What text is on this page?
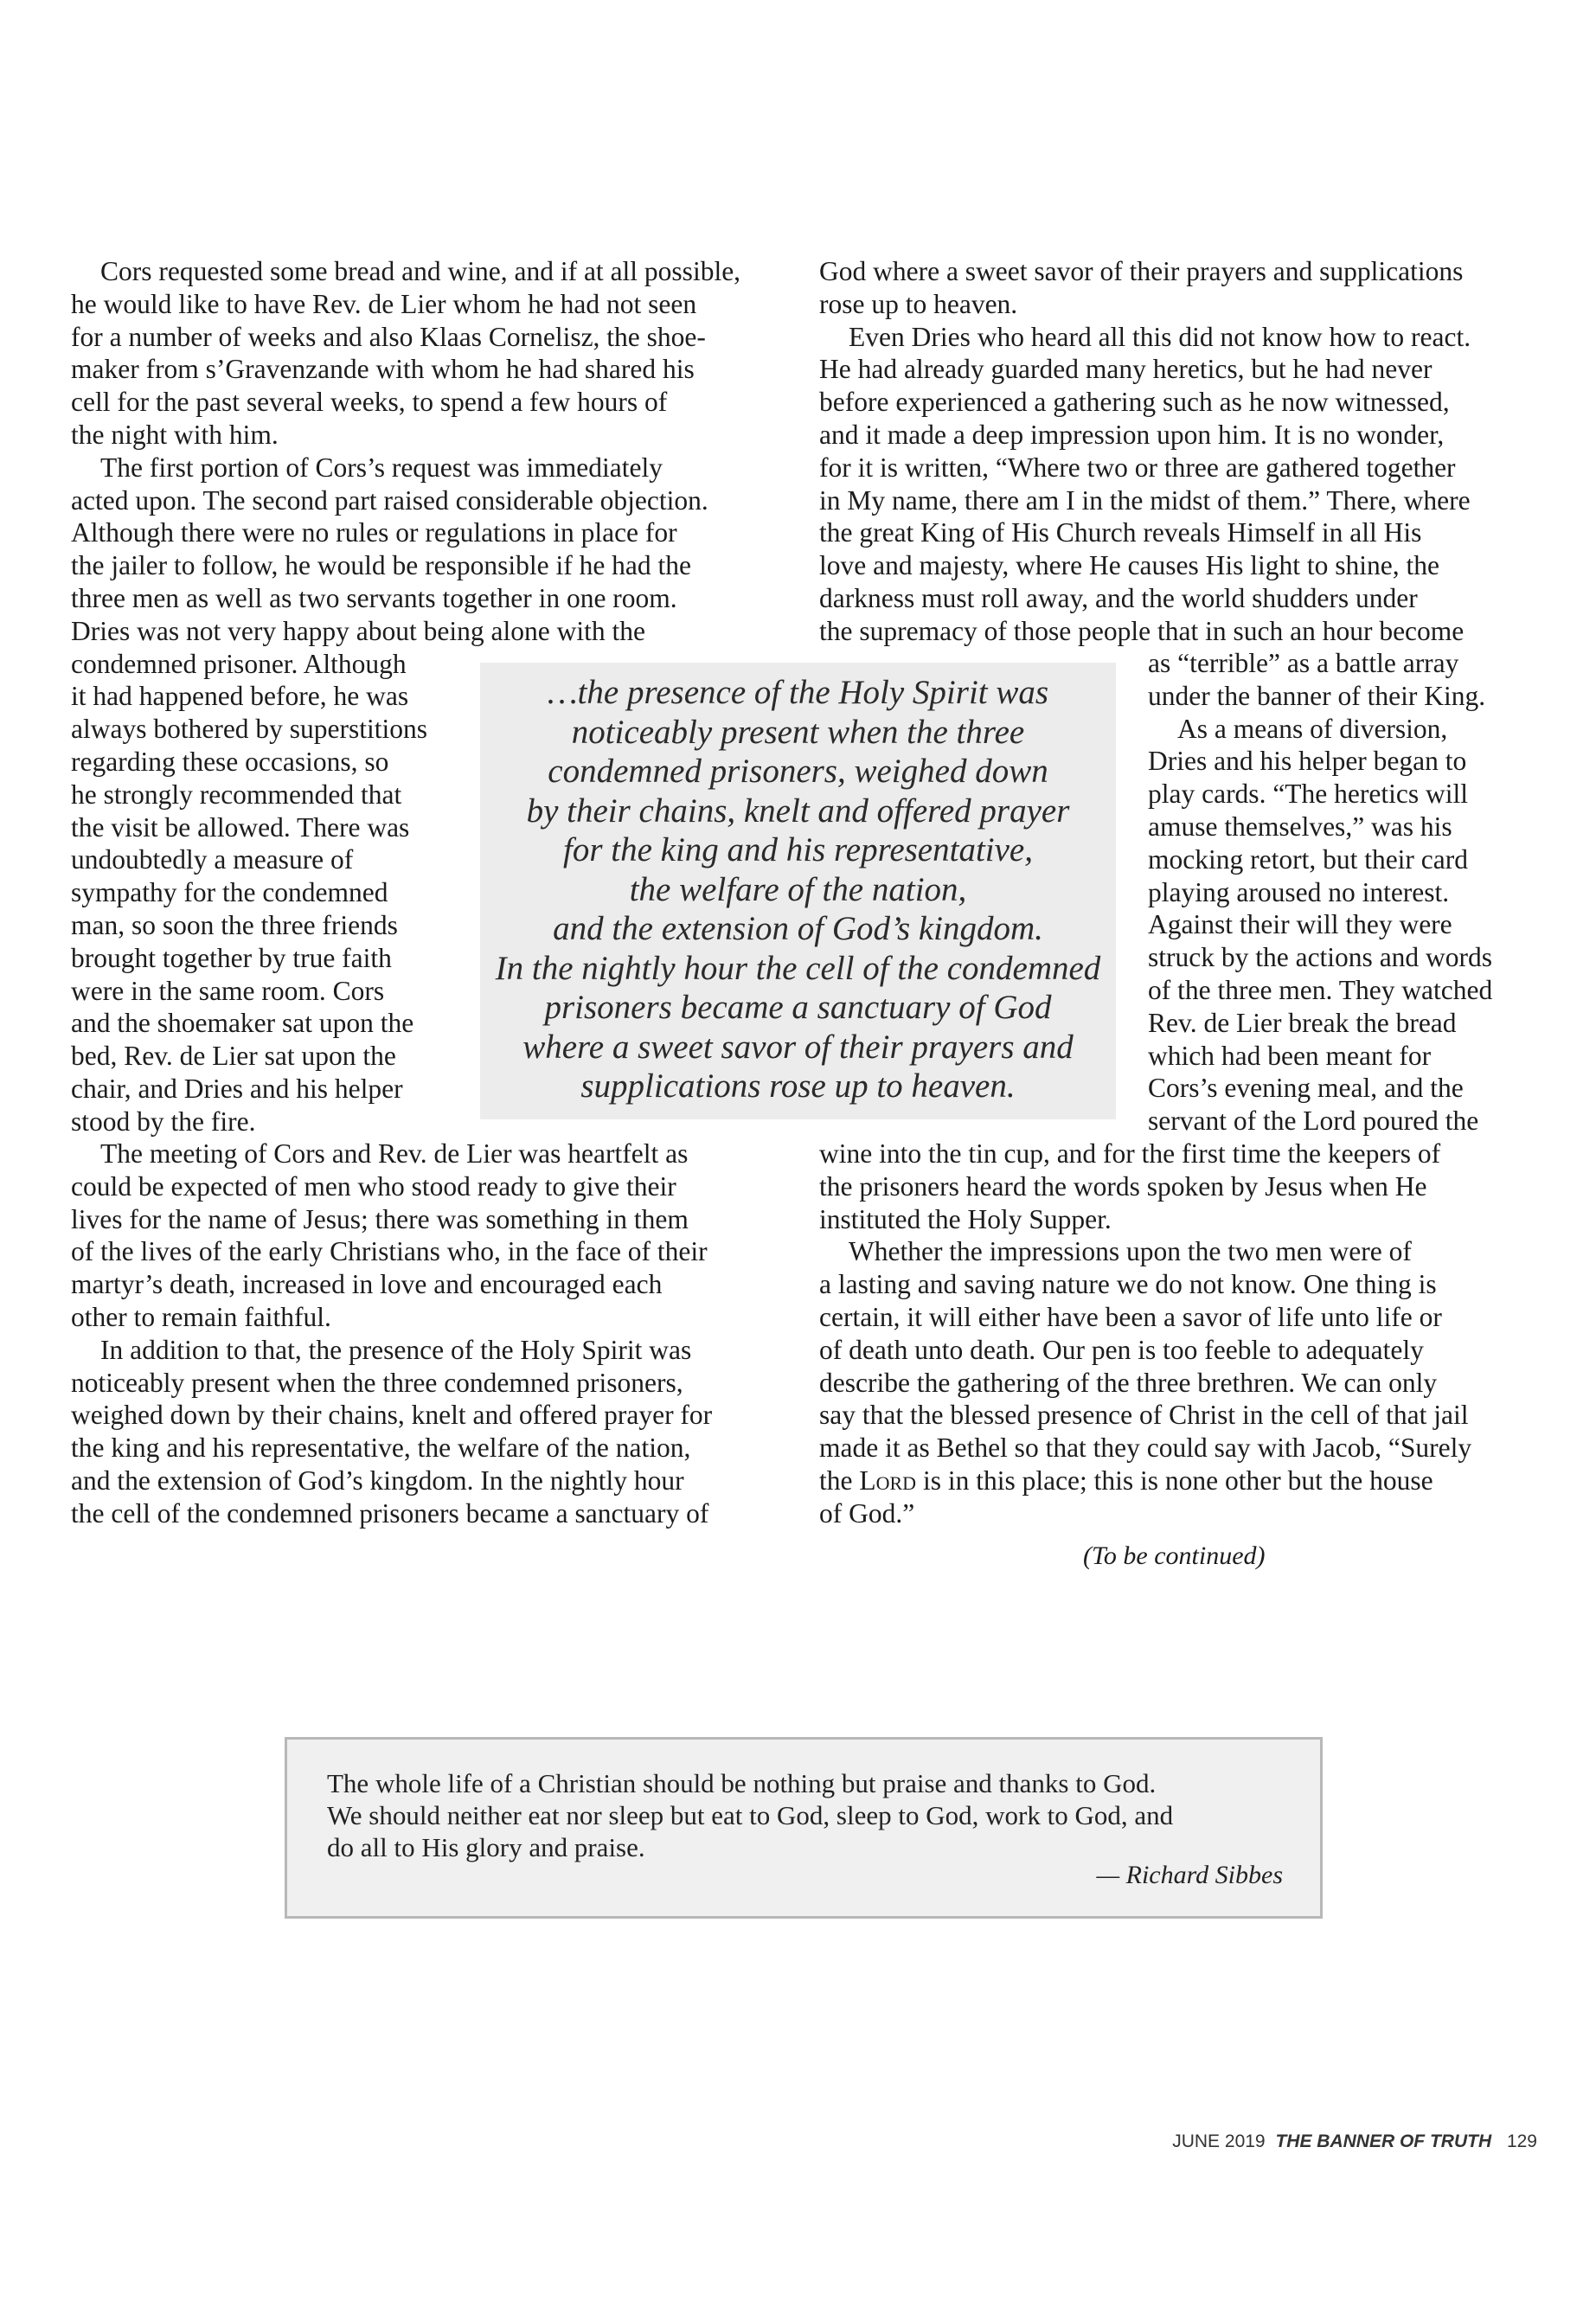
Cors requested some bread and wine, and if at all possible,
he would like to have Rev. de Lier whom he had not seen
for a number of weeks and also Klaas Cornelisz, the shoe-
maker from s’Gravenzande with whom he had shared his
cell for the past several weeks, to spend a few hours of
the night with him.
The first portion of Cors’s request was immediately
acted upon. The second part raised considerable objection.
Although there were no rules or regulations in place for
the jailer to follow, he would be responsible if he had the
three men as well as two servants together in one room.
Dries was not very happy about being alone with the
condemned prisoner. Although
it had happened before, he was
always bothered by superstitions
regarding these occasions, so
he strongly recommended that
the visit be allowed. There was
undoubtedly a measure of
sympathy for the condemned
man, so soon the three friends
brought together by true faith
were in the same room. Cors
and the shoemaker sat upon the
bed, Rev. de Lier sat upon the
chair, and Dries and his helper
stood by the fire.
The meeting of Cors and Rev. de Lier was heartfelt as
could be expected of men who stood ready to give their
lives for the name of Jesus; there was something in them
of the lives of the early Christians who, in the face of their
martyr’s death, increased in love and encouraged each
other to remain faithful.
In addition to that, the presence of the Holy Spirit was
noticeably present when the three condemned prisoners,
weighed down by their chains, knelt and offered prayer for
the king and his representative, the welfare of the nation,
and the extension of God’s kingdom. In the nightly hour
the cell of the condemned prisoners became a sanctuary of
God where a sweet savor of their prayers and supplications
rose up to heaven.
Even Dries who heard all this did not know how to react.
He had already guarded many heretics, but he had never
before experienced a gathering such as he now witnessed,
and it made a deep impression upon him. It is no wonder,
for it is written, “Where two or three are gathered together
in My name, there am I in the midst of them.” There, where
the great King of His Church reveals Himself in all His
love and majesty, where He causes His light to shine, the
darkness must roll away, and the world shudders under
the supremacy of those people that in such an hour become
as “terrible” as a battle array
under the banner of their King.
As a means of diversion,
Dries and his helper began to
play cards. “The heretics will
amuse themselves,” was his
mocking retort, but their card
playing aroused no interest.
Against their will they were
struck by the actions and words
of the three men. They watched
Rev. de Lier break the bread
which had been meant for
Cors’s evening meal, and the
servant of the Lord poured the
wine into the tin cup, and for the first time the keepers of
the prisoners heard the words spoken by Jesus when He
instituted the Holy Supper.
Whether the impressions upon the two men were of
a lasting and saving nature we do not know. One thing is
certain, it will either have been a savor of life unto life or
of death unto death. Our pen is too feeble to adequately
describe the gathering of the three brethren. We can only
say that the blessed presence of Christ in the cell of that jail
made it as Bethel so that they could say with Jacob, “Surely
the Lord is in this place; this is none other but the house
of God.”
…the presence of the Holy Spirit was
noticeably present when the three
condemned prisoners, weighed down
by their chains, knelt and offered prayer
for the king and his representative,
the welfare of the nation,
and the extension of God’s kingdom.
In the nightly hour the cell of the condemned
prisoners became a sanctuary of God
where a sweet savor of their prayers and
supplications rose up to heaven.
(To be continued)
The whole life of a Christian should be nothing but praise and thanks to God.
We should neither eat nor sleep but eat to God, sleep to God, work to God, and
do all to His glory and praise.
— Richard Sibbes
JUNE 2019 THE BANNER OF TRUTH 129
